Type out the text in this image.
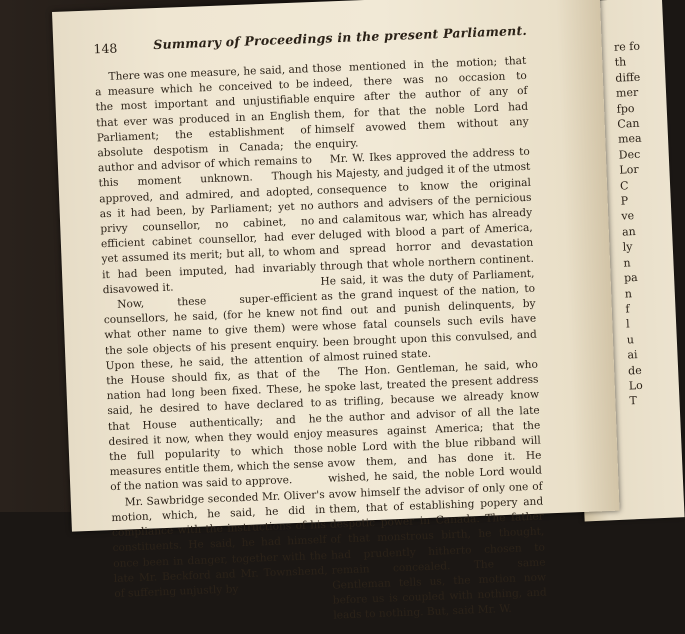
re fo
th
diffe
mer
fpo
Can
mea
Dec
Lor
C
P
ve
an
ly
n
pa
n
f
l
u
ai
de
Lo
T
148	Summary of Proceedings in the present Parliament.

There was one measure, he said, and a measure which he conceived to be the most important and unjustifiable that ever was produced in an English Parliament; the establishment of absolute despotism in Canada; the author and advisor of which remains to this moment unknown. Though approved, and admired, and adopted, as it had been, by Parliament; yet no privy counsellor, no cabinet, no efficient cabinet counsellor, had ever yet assumed its merit; but all, to whom it had been imputed, had invariably disavowed it.

Now, these super-efficient counsellors, he said, (for he knew not what other name to give them) were the sole objects of his present enquiry. Upon these, he said, the attention of the House should fix, as that of the nation had long been fixed. These, he said, he desired to have declared to that House authentically; and he desired it now, when they would enjoy the full popularity to which those measures entitle them, which the sense of the nation was said to approve.

Mr. Sawbridge seconded Mr. Oliver's motion, which, he said, he did in compliance with the instructions of his constituents. He said, he had himself once been in danger, together with the late Mr. Beckford and Mr. Townshend, of suffering unjustly by

those mentioned in the motion; that indeed, there was no occasion to enquire after the author of any of them, for that the noble Lord had himself avowed them without any enquiry.

Mr. W. Ikes approved the address to his Majesty, and judged it of the utmost consequence to know the original authors and advisers of the pernicious and calamitous war, which has already deluged with blood a part of America, and spread horror and devastation through that whole northern continent. He said, it was the duty of Parliament, as the grand inquest of the nation, to find out and punish delinquents, by whose fatal counsels such evils have been brought upon this convulsed, and almost ruined state.

The Hon. Gentleman, he said, who spoke last, treated the present address as trifling, because we already know the author and advisor of all the late measures against America; that the noble Lord with the blue ribband will avow them, and has done it. He wished, he said, the noble Lord would avow himself the advisor of only one of them, that of establishing popery and despotic power in Canada. The father of that monstrous birth, he thought, had prudently hitherto chosen to remain concealed. The same Gentleman tells us, the motion now before us is coupled with nothing, and leads to nothing. But, said Mr. W.
